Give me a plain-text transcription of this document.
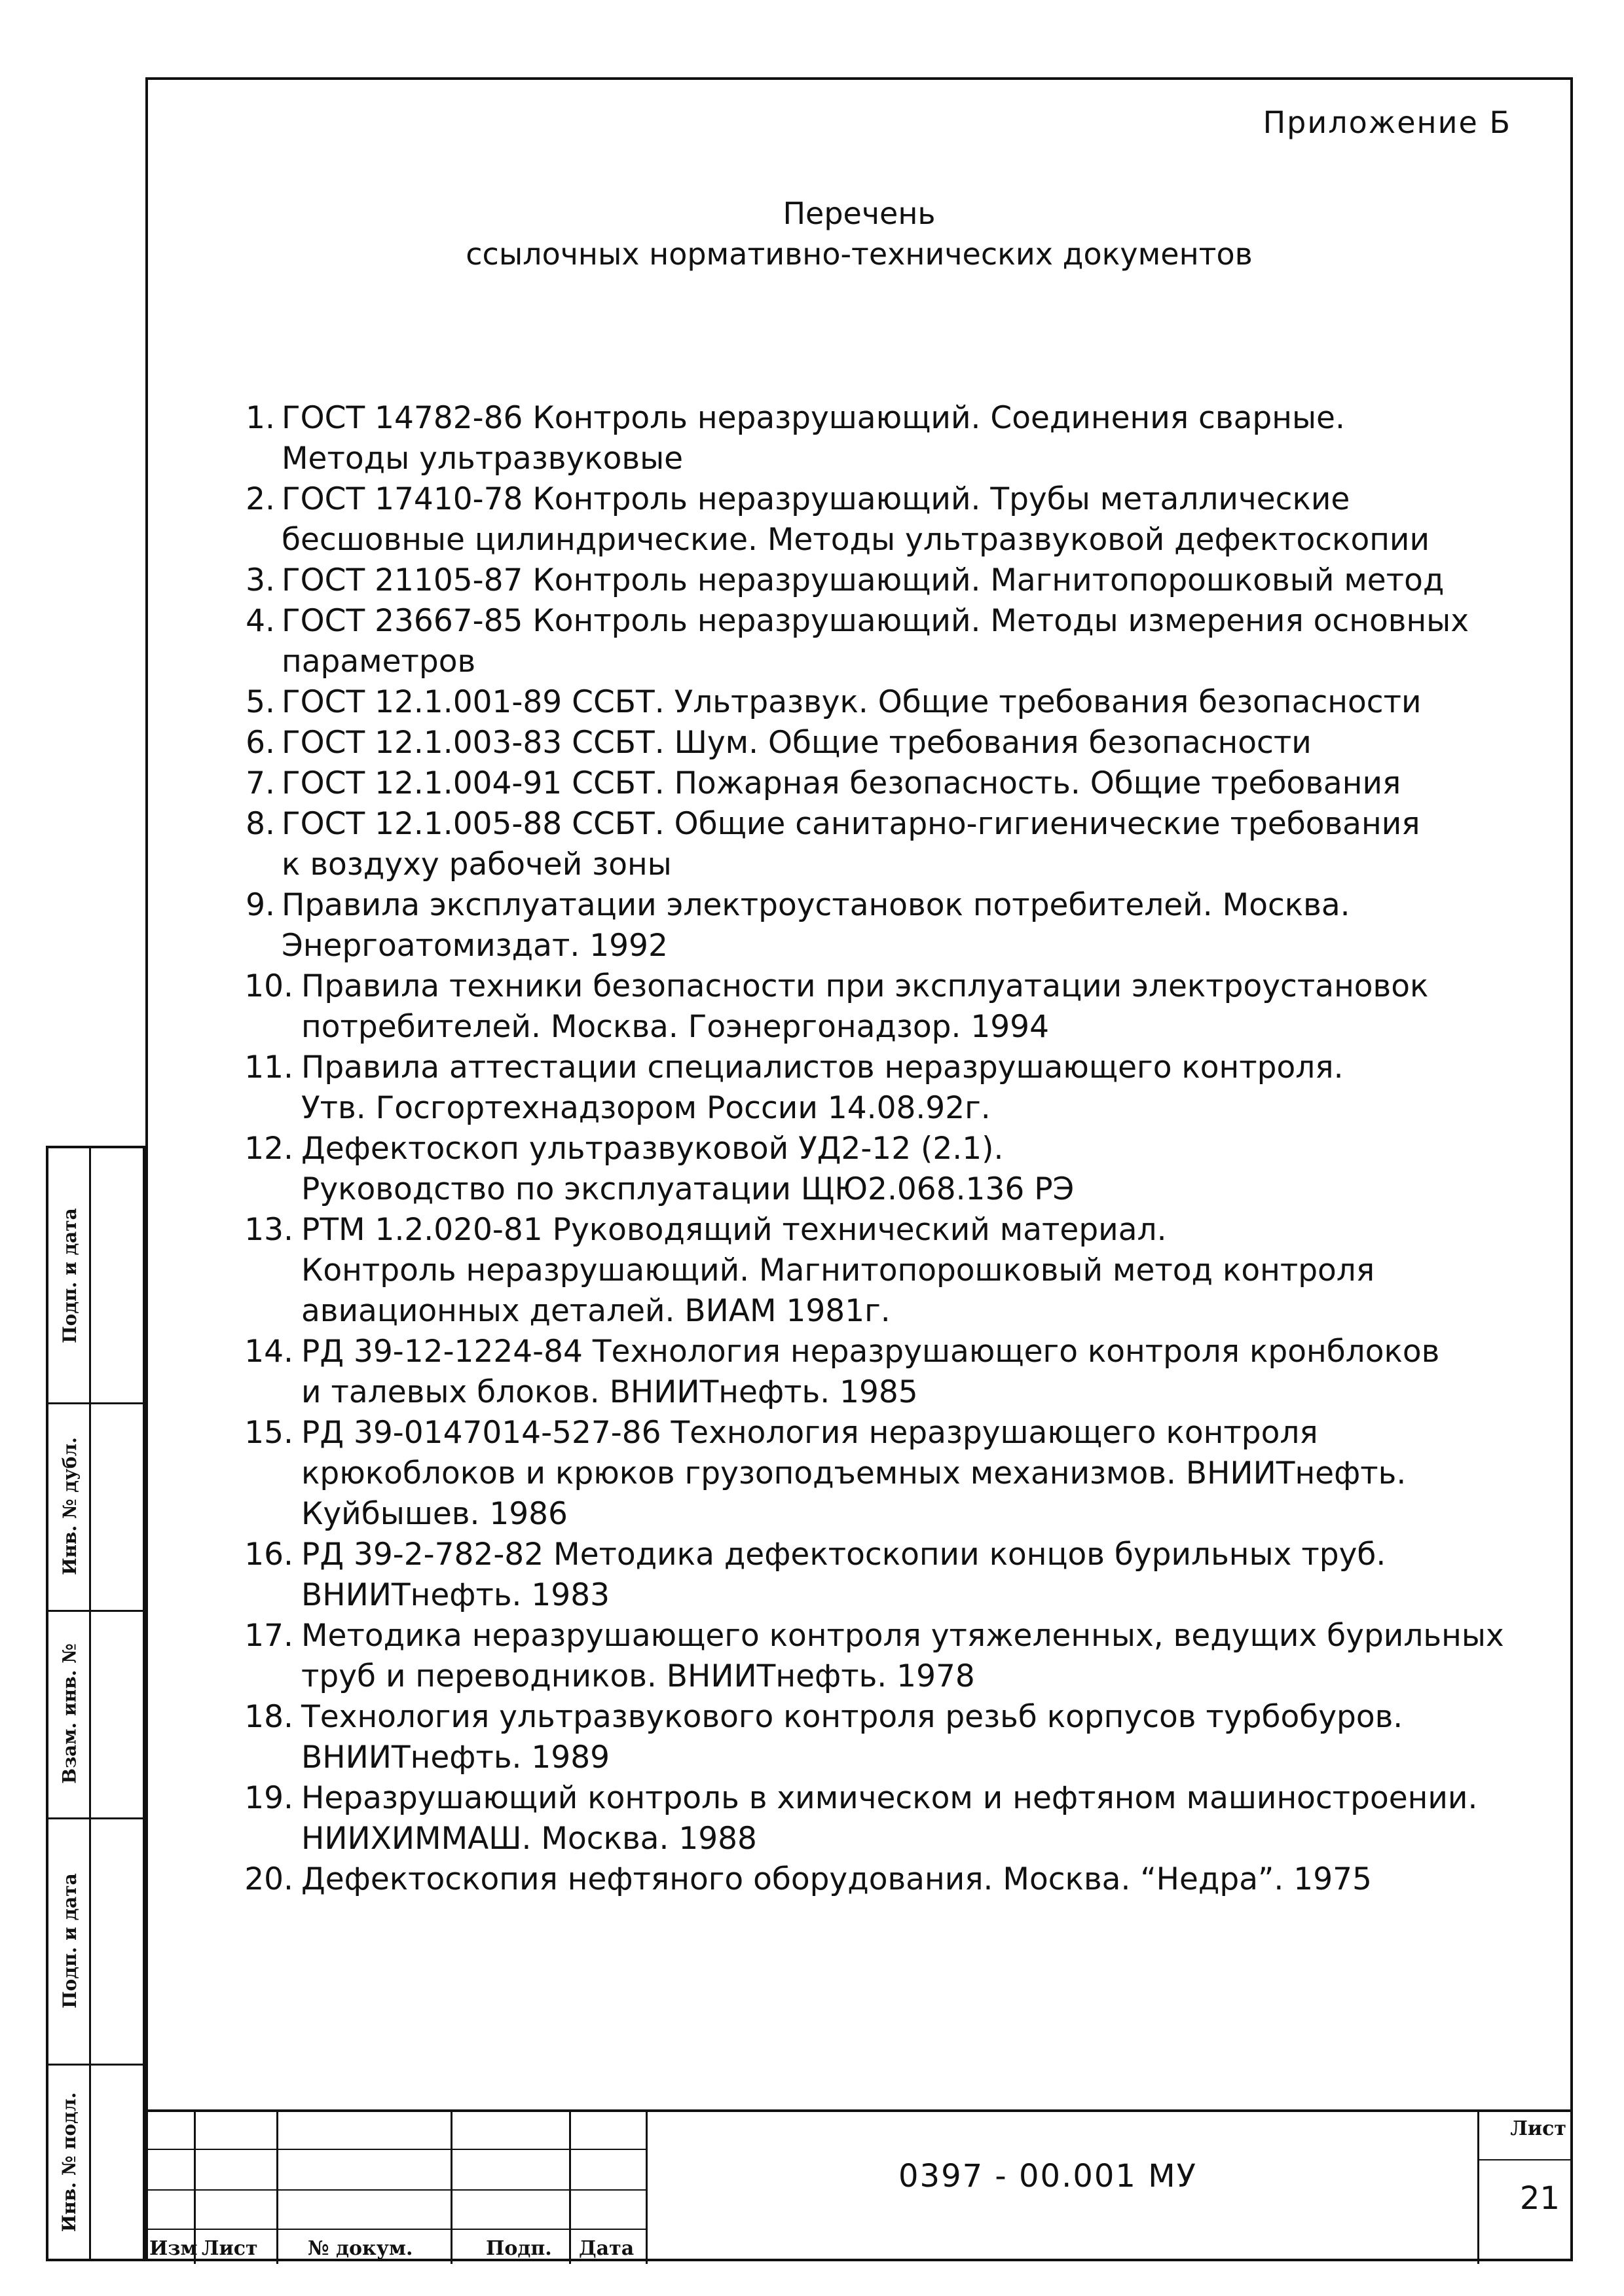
Приложение Б
Перечень
ссылочных нормативно-технических документов
1. ГОСТ 14782-86 Контроль неразрушающий. Соединения сварные.
Методы ультразвуковые
2. ГОСТ 17410-78 Контроль неразрушающий. Трубы металлические
бесшовные цилиндрические. Методы ультразвуковой дефектоскопии
3. ГОСТ 21105-87 Контроль неразрушающий. Магнитопорошковый метод
4. ГОСТ 23667-85 Контроль неразрушающий. Методы измерения основных
параметров
5. ГОСТ 12.1.001-89 ССБТ. Ультразвук. Общие требования безопасности
6. ГОСТ 12.1.003-83 ССБТ. Шум. Общие требования безопасности
7. ГОСТ 12.1.004-91 ССБТ. Пожарная безопасность. Общие требования
8. ГОСТ 12.1.005-88 ССБТ. Общие санитарно-гигиенические требования
к воздуху рабочей зоны
9. Правила эксплуатации электроустановок потребителей. Москва.
Энергоатомиздат. 1992
10. Правила техники безопасности при эксплуатации электроустановок
потребителей. Москва. Гоэнергонадзор. 1994
11. Правила аттестации специалистов неразрушающего контроля.
Утв. Госгортехнадзором России 14.08.92г.
12. Дефектоскоп ультразвуковой УД2-12 (2.1).
Руководство по эксплуатации ЩЮ2.068.136 РЭ
13. РТМ 1.2.020-81 Руководящий технический материал.
Контроль неразрушающий. Магнитопорошковый метод контроля
авиационных деталей. ВИАМ 1981г.
14. РД 39-12-1224-84 Технология неразрушающего контроля кронблоков
и талевых блоков. ВНИИТнефть. 1985
15. РД 39-0147014-527-86 Технология неразрушающего контроля
крюкоблоков и крюков грузоподъемных механизмов. ВНИИТнефть.
Куйбышев. 1986
16. РД 39-2-782-82 Методика дефектоскопии концов бурильных труб.
ВНИИТнефть. 1983
17. Методика неразрушающего контроля утяжеленных, ведущих бурильных
труб и переводников. ВНИИТнефть. 1978
18. Технология ультразвукового контроля резьб корпусов турбобуров.
ВНИИТнефть. 1989
19. Неразрушающий контроль в химическом и нефтяном машиностроении.
НИИХИММАШ. Москва. 1988
20. Дефектоскопия нефтяного оборудования. Москва. “Недра”. 1975
Подп. и дата
Инв. № дубл.
Взам. инв. №
Подп. и дата
Инв. № подл.
Изм Лист	№ докум.	Подп. Дата
0397 - 00.001 МУ
Лист
21
